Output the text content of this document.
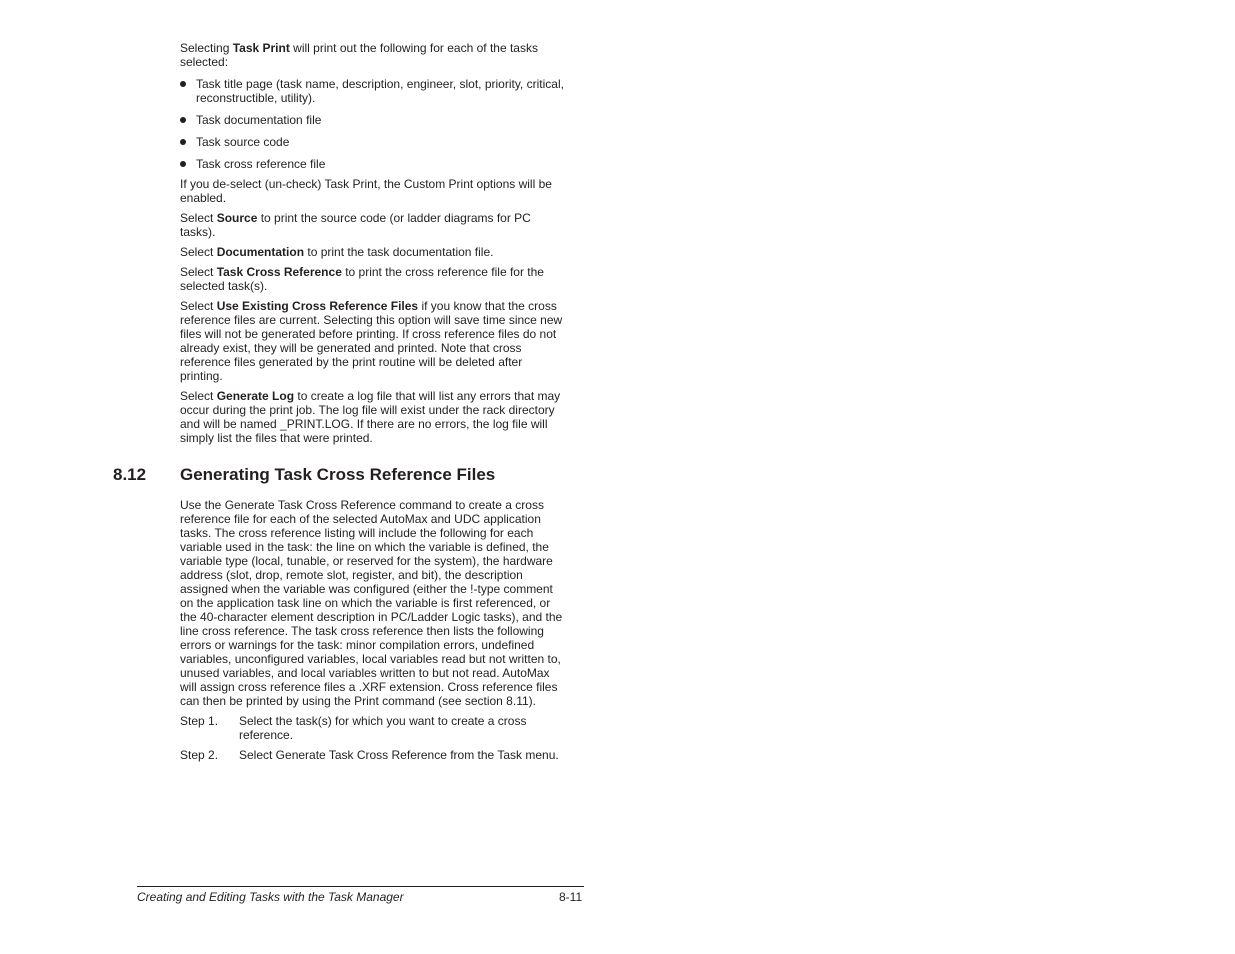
Selecting Task Print will print out the following for each of the tasks selected:

Task title page (task name, description, engineer, slot, priority, critical, reconstructible, utility).
Task documentation file
Task source code
Task cross reference file

If you de-select (un-check) Task Print, the Custom Print options will be enabled.

Select Source to print the source code (or ladder diagrams for PC tasks).

Select Documentation to print the task documentation file.

Select Task Cross Reference to print the cross reference file for the selected task(s).

Select Use Existing Cross Reference Files if you know that the cross reference files are current. Selecting this option will save time since new files will not be generated before printing. If cross reference files do not already exist, they will be generated and printed. Note that cross reference files generated by the print routine will be deleted after printing.

Select Generate Log to create a log file that will list any errors that may occur during the print job. The log file will exist under the rack directory and will be named _PRINT.LOG. If there are no errors, the log file will simply list the files that were printed.

8.12 Generating Task Cross Reference Files

Use the Generate Task Cross Reference command to create a cross reference file for each of the selected AutoMax and UDC application tasks. The cross reference listing will include the following for each variable used in the task: the line on which the variable is defined, the variable type (local, tunable, or reserved for the system), the hardware address (slot, drop, remote slot, register, and bit), the description assigned when the variable was configured (either the !-type comment on the application task line on which the variable is first referenced, or the 40-character element description in PC/Ladder Logic tasks), and the line cross reference. The task cross reference then lists the following errors or warnings for the task: minor compilation errors, undefined variables, unconfigured variables, local variables read but not written to, unused variables, and local variables written to but not read. AutoMax will assign cross reference files a .XRF extension. Cross reference files can then be printed by using the Print command (see section 8.11).

Step 1. Select the task(s) for which you want to create a cross reference.
Step 2. Select Generate Task Cross Reference from the Task menu.
Creating and Editing Tasks with the Task Manager	8-11
